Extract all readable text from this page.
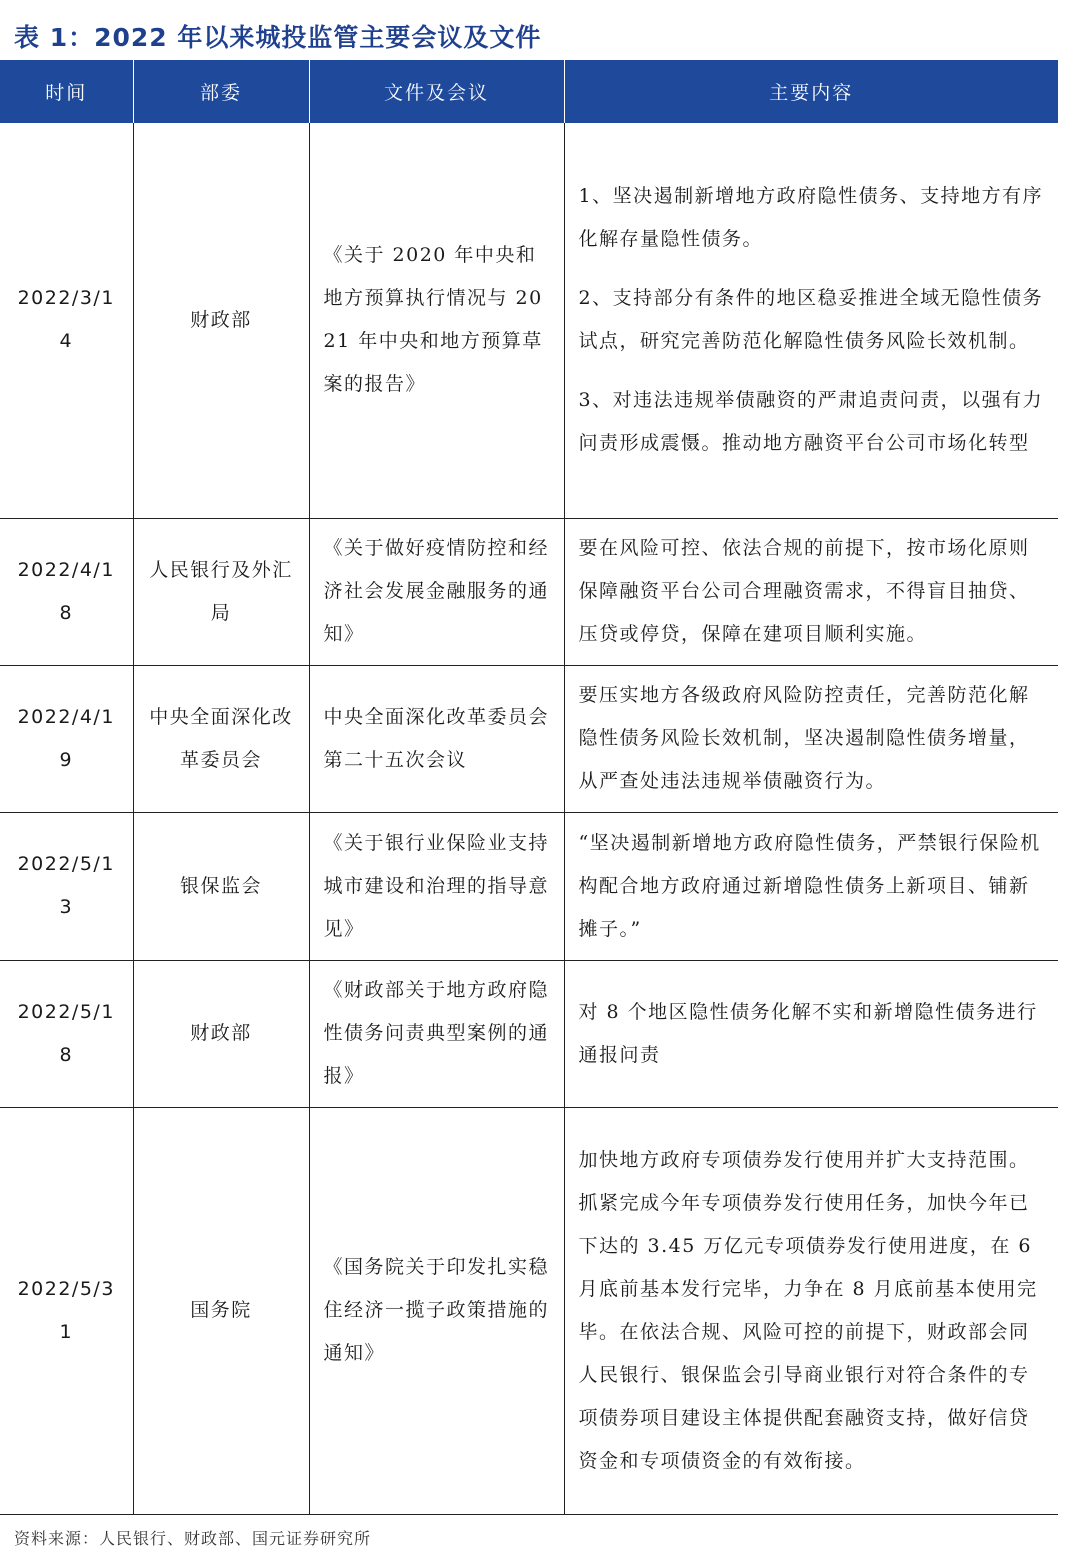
表 1：2022 年以来城投监管主要会议及文件
时间	部委	文件及会议	主要内容
2022/3/14	财政部	《关于 2020 年中央和地方预算执行情况与 2021 年中央和地方预算草案的报告》	1、坚决遏制新增地方政府隐性债务、支持地方有序化解存量隐性债务。

2、支持部分有条件的地区稳妥推进全域无隐性债务试点，研究完善防范化解隐性债务风险长效机制。

3、对违法违规举债融资的严肃追责问责，以强有力问责形成震慑。推动地方融资平台公司市场化转型

2022/4/18	人民银行及外汇局	《关于做好疫情防控和经济社会发展金融服务的通知》	要在风险可控、依法合规的前提下，按市场化原则保障融资平台公司合理融资需求，不得盲目抽贷、压贷或停贷，保障在建项目顺利实施。

2022/4/19	中央全面深化改革委员会	中央全面深化改革委员会第二十五次会议	要压实地方各级政府风险防控责任，完善防范化解隐性债务风险长效机制，坚决遏制隐性债务增量，从严查处违法违规举债融资行为。

2022/5/13	银保监会	《关于银行业保险业支持城市建设和治理的指导意见》	“坚决遏制新增地方政府隐性债务，严禁银行保险机构配合地方政府通过新增隐性债务上新项目、铺新摊子。”

2022/5/18	财政部	《财政部关于地方政府隐性债务问责典型案例的通报》	对 8 个地区隐性债务化解不实和新增隐性债务进行通报问责

2022/5/31	国务院	《国务院关于印发扎实稳住经济一揽子政策措施的通知》	加快地方政府专项债券发行使用并扩大支持范围。抓紧完成今年专项债券发行使用任务，加快今年已下达的 3.45 万亿元专项债券发行使用进度，在 6 月底前基本发行完毕，力争在 8 月底前基本使用完毕。在依法合规、风险可控的前提下，财政部会同人民银行、银保监会引导商业银行对符合条件的专项债券项目建设主体提供配套融资支持，做好信贷资金和专项债资金的有效衔接。

资料来源：人民银行、财政部、国元证券研究所
